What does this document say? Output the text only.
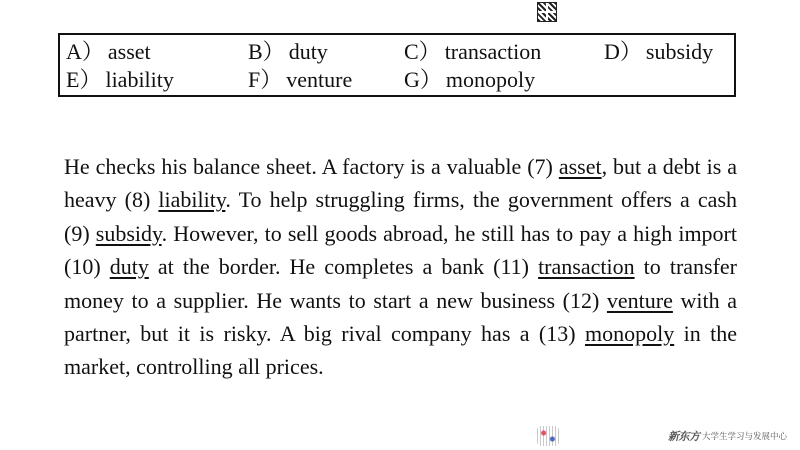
A） asset	B） duty	C） transaction	D） subsidy
E） liability	F） venture G） monopoly

He checks his balance sheet. A factory is a valuable (7) asset, but a debt is a heavy (8) liability. To help struggling firms, the government offers a cash (9) subsidy. However, to sell goods abroad, he still has to pay a high import (10) duty at the border. He completes a bank (11) transaction to transfer money to a supplier. He wants to start a new business (12) venture with a partner, but it is risky. A big rival company has a (13) monopoly in the market, controlling all prices.

新东方 大学生学习与发展中心
